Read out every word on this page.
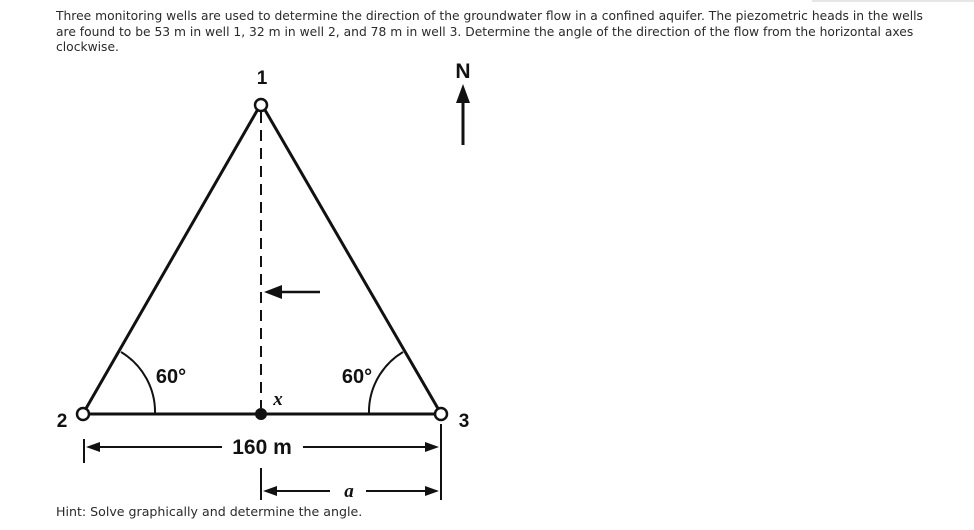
Three monitoring wells are used to determine the direction of the groundwater flow in a confined aquifer. The piezometric heads in the wells are found to be 53 m in well 1, 32 m in well 2, and 78 m in well 3. Determine the angle of the direction of the flow from the horizontal axes clockwise.

N
1
2	3
60°	60°
x
160 m
a

Hint: Solve graphically and determine the angle.
